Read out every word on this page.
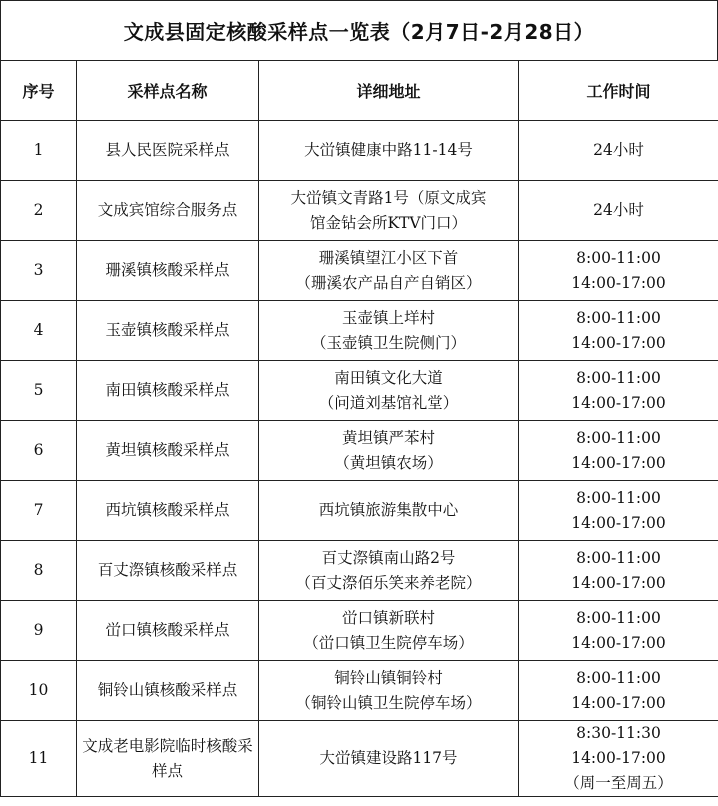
文成县固定核酸采样点一览表（2月7日-2月28日）
序号	采样点名称	详细地址	工作时间
1	县人民医院采样点	大峃镇健康中路11-14号	24小时

2	文成宾馆综合服务点	大峃镇文青路1号（原文成宾
馆金钻会所KTV门口）	24小时

3	珊溪镇核酸采样点	珊溪镇望江小区下首
（珊溪农产品自产自销区）	8:00-11:00
14:00-17:00

4	玉壶镇核酸采样点	玉壶镇上垟村
（玉壶镇卫生院侧门）	8:00-11:00
14:00-17:00

5	南田镇核酸采样点	南田镇文化大道
（问道刘基馆礼堂）	8:00-11:00
14:00-17:00

6	黄坦镇核酸采样点	黄坦镇严苯村
（黄坦镇农场）	8:00-11:00
14:00-17:00

7	西坑镇核酸采样点	西坑镇旅游集散中心	8:00-11:00
14:00-17:00

8	百丈漈镇核酸采样点	百丈漈镇南山路2号
（百丈漈佰乐笑来养老院）	8:00-11:00
14:00-17:00

9	峃口镇核酸采样点	峃口镇新联村
（峃口镇卫生院停车场）	8:00-11:00
14:00-17:00

10	铜铃山镇核酸采样点	铜铃山镇铜铃村
（铜铃山镇卫生院停车场）	8:00-11:00
14:00-17:00

11	文成老电影院临时核酸采样点	大峃镇建设路117号	8:30-11:30
14:00-17:00
（周一至周五）
